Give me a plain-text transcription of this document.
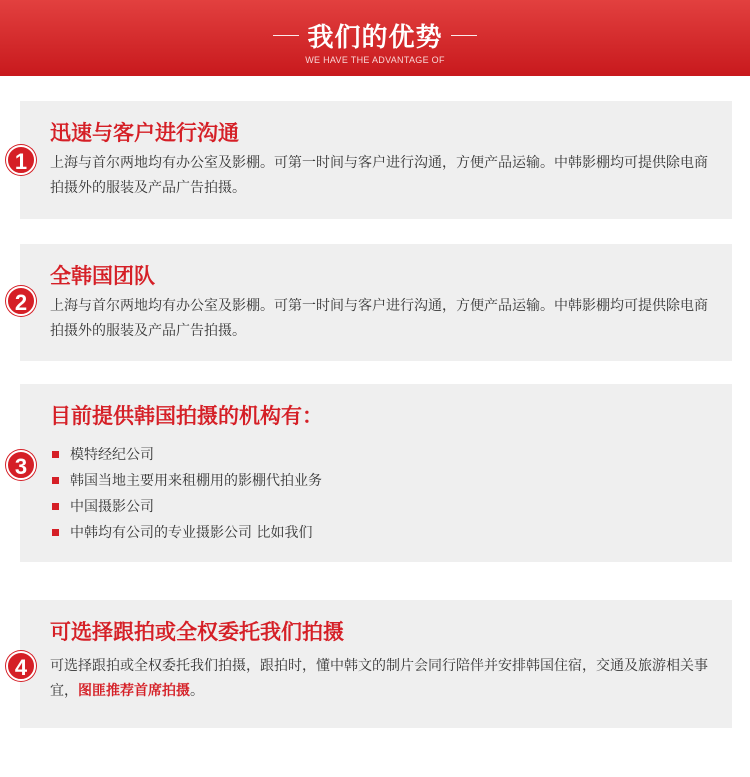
我们的优势
WE HAVE THE ADVANTAGE OF
迅速与客户进行沟通
上海与首尔两地均有办公室及影棚。可第一时间与客户进行沟通，方便产品运输。中韩影棚均可提供除电商拍摄外的服装及产品广告拍摄。
1
全韩国团队
上海与首尔两地均有办公室及影棚。可第一时间与客户进行沟通，方便产品运输。中韩影棚均可提供除电商拍摄外的服装及产品广告拍摄。
2
目前提供韩国拍摄的机构有：
模特经纪公司
韩国当地主要用来租棚用的影棚代拍业务
中国摄影公司
中韩均有公司的专业摄影公司 比如我们
3
可选择跟拍或全权委托我们拍摄
可选择跟拍或全权委托我们拍摄，跟拍时，懂中韩文的制片会同行陪伴并安排韩国住宿，交通及旅游相关事宜，图匪推荐首席拍摄。
4
